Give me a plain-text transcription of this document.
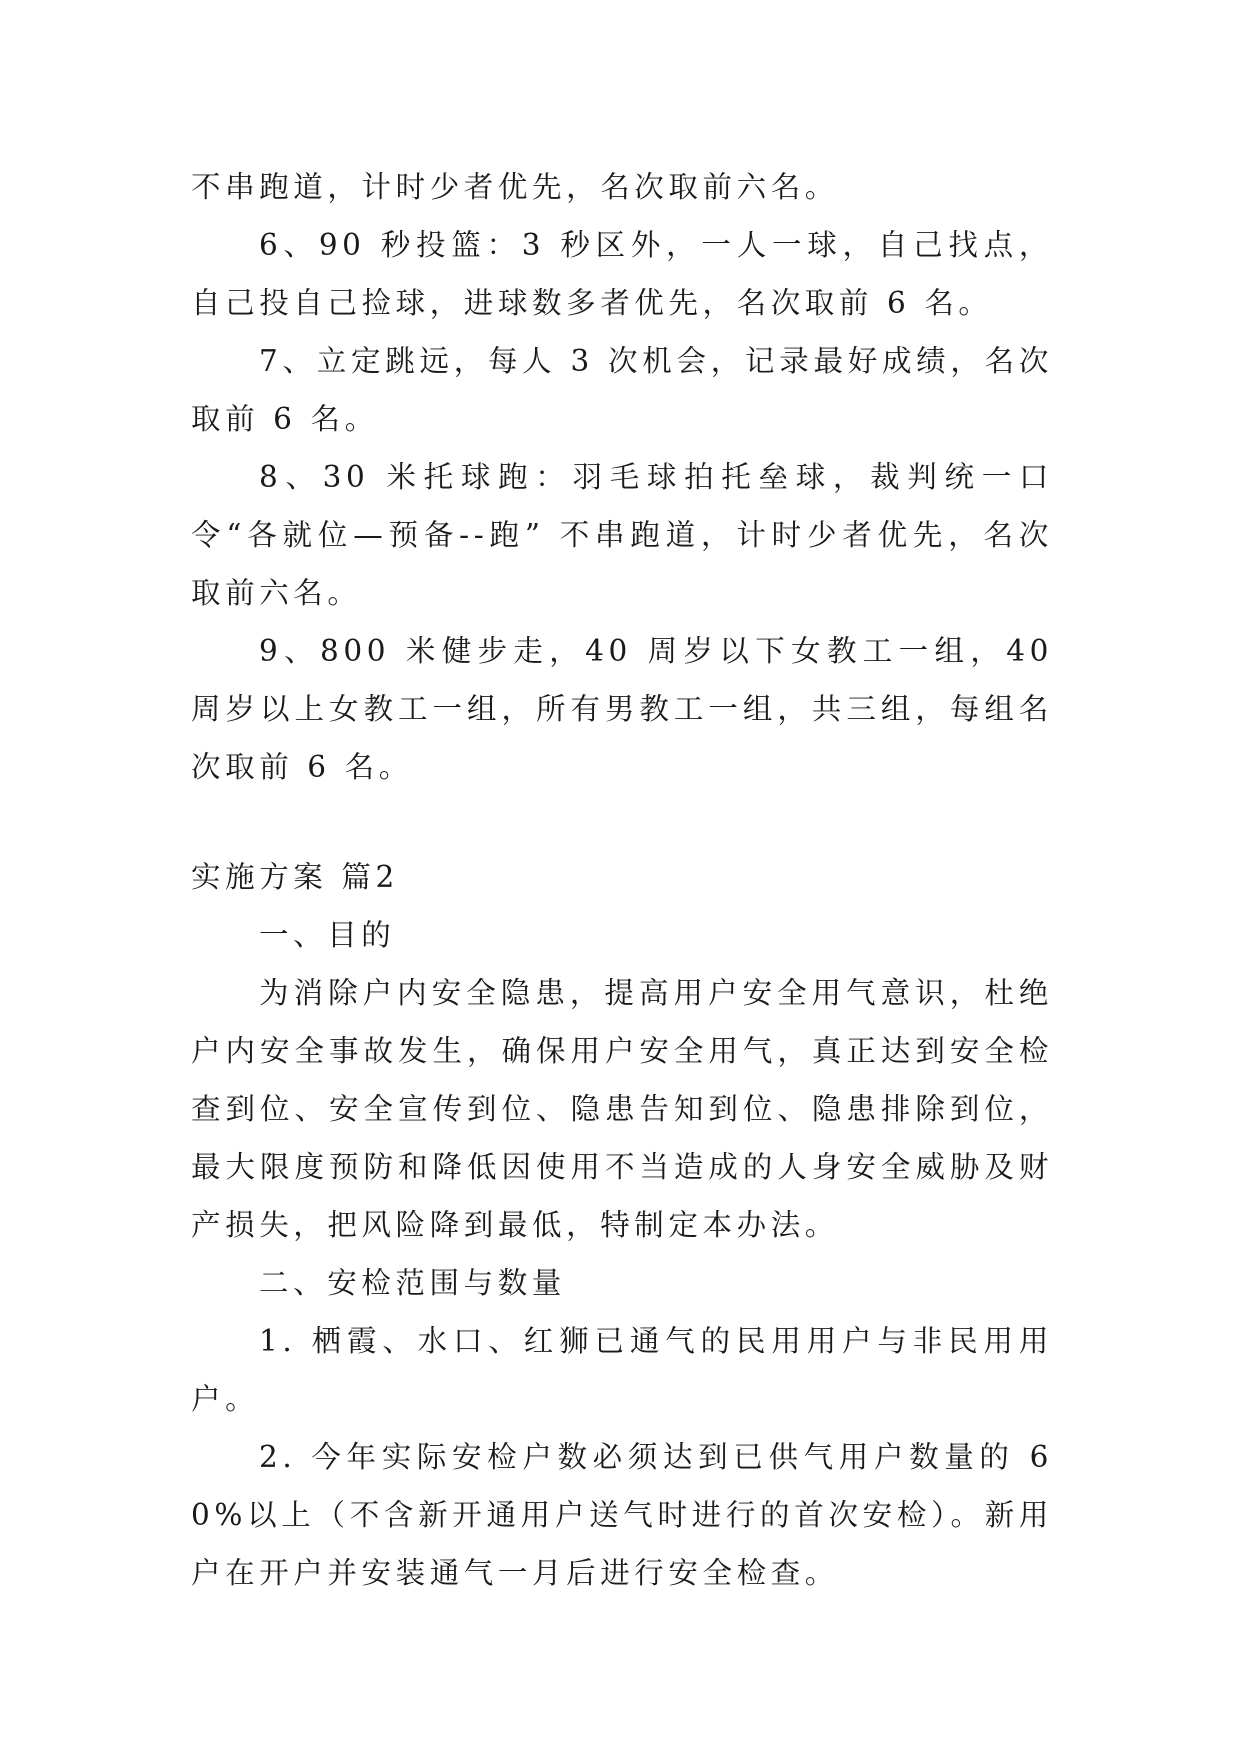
不串跑道，计时少者优先，名次取前六名。

6、90 秒投篮：3 秒区外，一人一球，自己找点，自己投自己捡球，进球数多者优先，名次取前 6 名。

7、立定跳远，每人 3 次机会，记录最好成绩，名次取前 6 名。

8、30 米托球跑：羽毛球拍托垒球，裁判统一口令“各就位—预备--跑” 不串跑道，计时少者优先，名次取前六名。

9、800 米健步走，40 周岁以下女教工一组，40 周岁以上女教工一组，所有男教工一组，共三组，每组名次取前 6 名。

实施方案 篇2

一、目的

为消除户内安全隐患，提高用户安全用气意识，杜绝户内安全事故发生，确保用户安全用气，真正达到安全检查到位、安全宣传到位、隐患告知到位、隐患排除到位，最大限度预防和降低因使用不当造成的人身安全威胁及财产损失，把风险降到最低，特制定本办法。

二、安检范围与数量

1. 栖霞、水口、红狮已通气的民用用户与非民用用户。

2. 今年实际安检户数必须达到已供气用户数量的 60%以上（不含新开通用户送气时进行的首次安检）。新用户在开户并安装通气一月后进行安全检查。
